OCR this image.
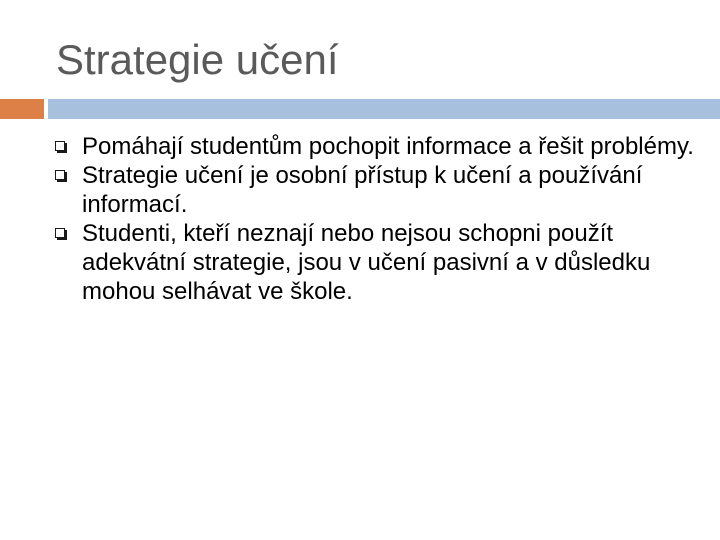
Strategie učení
Pomáhají studentům pochopit informace a řešit problémy.
Strategie učení je osobní přístup k učení a používání informací.
Studenti, kteří neznají nebo nejsou schopni použít adekvátní strategie, jsou v učení pasivní a v důsledku mohou selhávat ve škole.
